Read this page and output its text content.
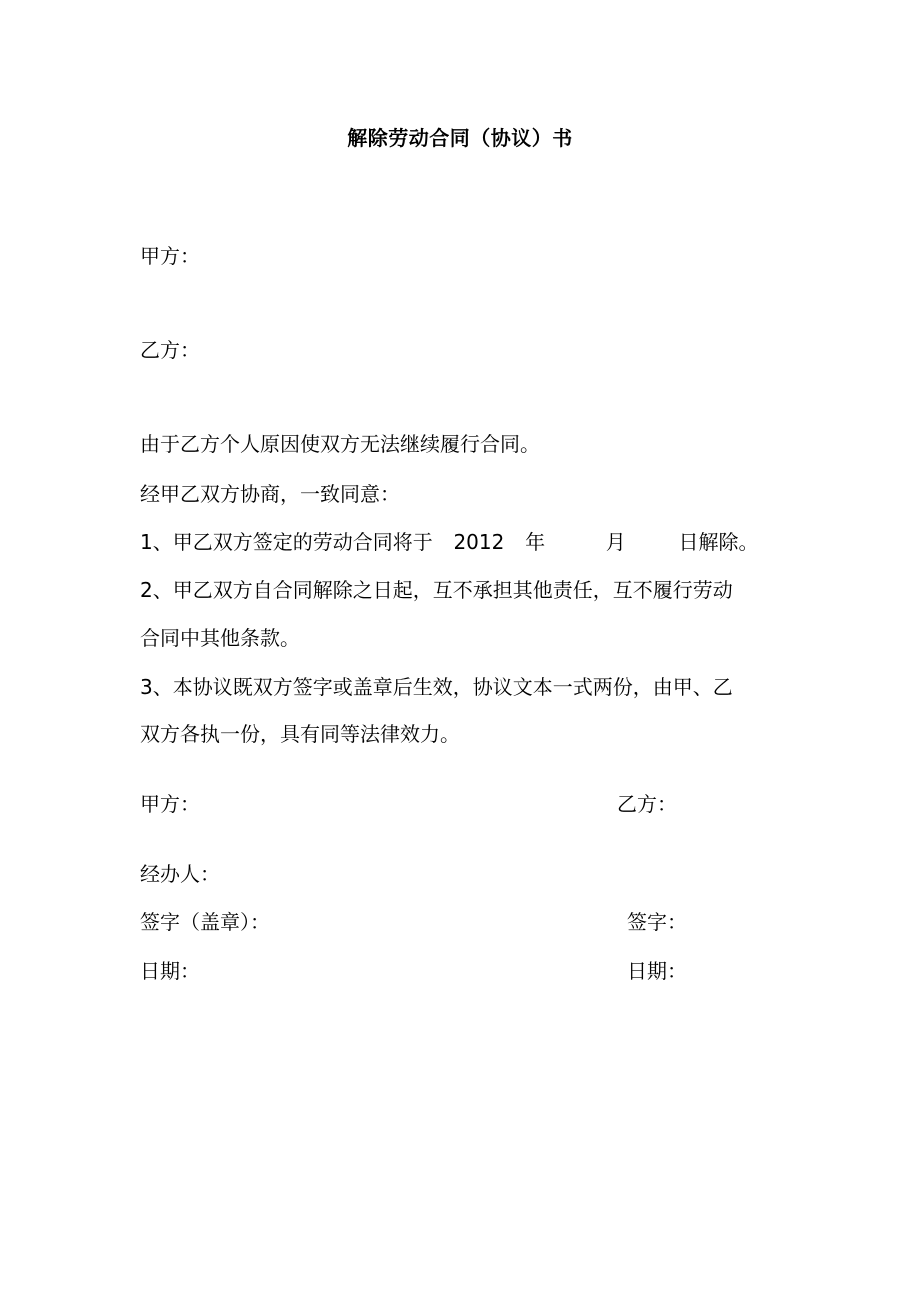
解除劳动合同（协议）书
甲方：
乙方：
由于乙方个人原因使双方无法继续履行合同。
经甲乙双方协商，一致同意：
1、甲乙双方签定的劳动合同将于 2012 年	月	日解除。
2、甲乙双方自合同解除之日起，互不承担其他责任，互不履行劳动
合同中其他条款。
3、本协议既双方签字或盖章后生效，协议文本一式两份，由甲、乙
双方各执一份，具有同等法律效力。
甲方：	乙方：
经办人：
签字（盖章）：	签字：
日期：	日期：
